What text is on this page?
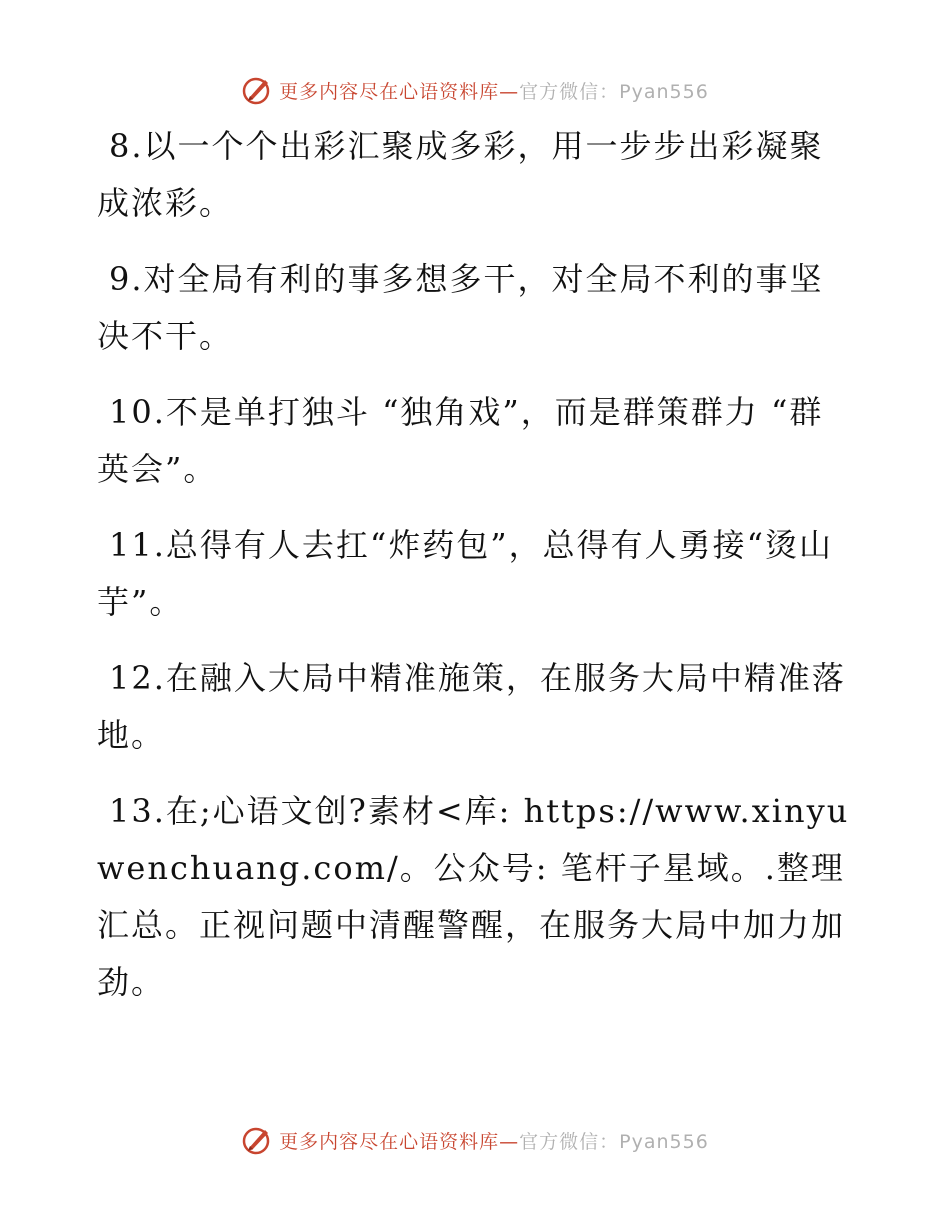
更多内容尽在心语资料库—官方微信：Pyan556

8.以一个个出彩汇聚成多彩，用一步步出彩凝聚成浓彩。

9.对全局有利的事多想多干，对全局不利的事坚决不干。

10.不是单打独斗 “独角戏”，而是群策群力 “群英会”。

11.总得有人去扛“炸药包”，总得有人勇接“烫山芋”。

12.在融入大局中精准施策，在服务大局中精准落地。

13.在;心语文创?素材<库: https://www.xinyuwenchuang.com/。公众号: 笔杆子星域。.整理汇总。正视问题中清醒警醒，在服务大局中加力加劲。

更多内容尽在心语资料库—官方微信：Pyan556
